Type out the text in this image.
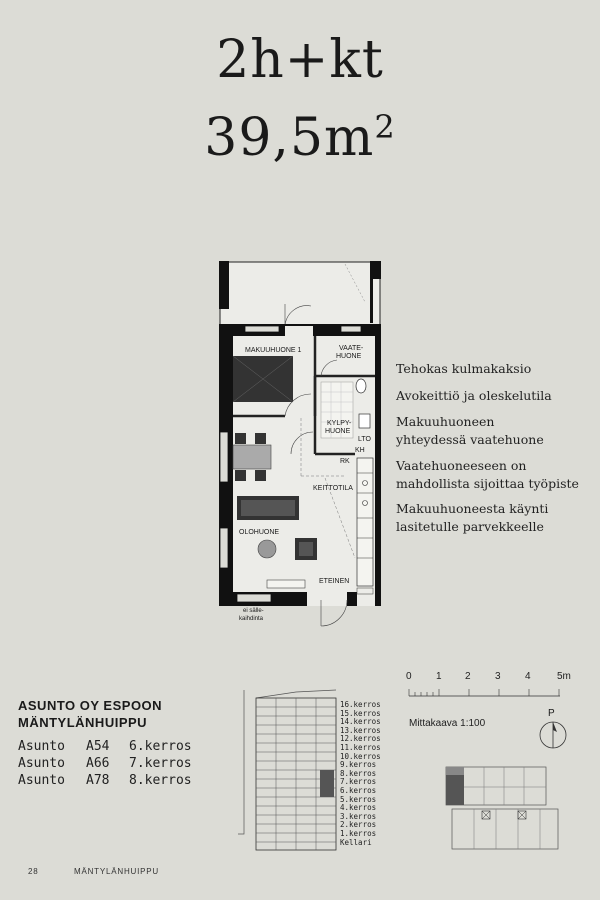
2h+kt
$39,5m^2$
MAKUUHUONE 1	VAATE-
HUONE
KYLPY-
HUONE
LTO
KH
RK
KEITTOTILA
OLOHUONE
ETEINEN
ei sälle-
kaihdinta
Tehokas kulmakaksio
Avokeittiö ja oleskelutila
Makuuhuoneen yhteydessä vaatehuone
Vaatehuoneeseen on mahdollista sijoittaa työpiste
Makuuhuoneesta käynti lasitetulle parvekkeelle
ASUNTO OY ESPOON
MÄNTYLÄNHUIPPU
Asunto A54 6.kerros
Asunto A66 7.kerros
Asunto A78 8.kerros
16.kerros
15.kerros
14.kerros
13.kerros
12.kerros
11.kerros
10.kerros
9.kerros
8.kerros
7.kerros
6.kerros
5.kerros
4.kerros
3.kerros
2.kerros
1.kerros
Kellari
0 1 2 3 4	5m
Mittakaava 1:100
P
28	MÄNTYLÄNHUIPPU
